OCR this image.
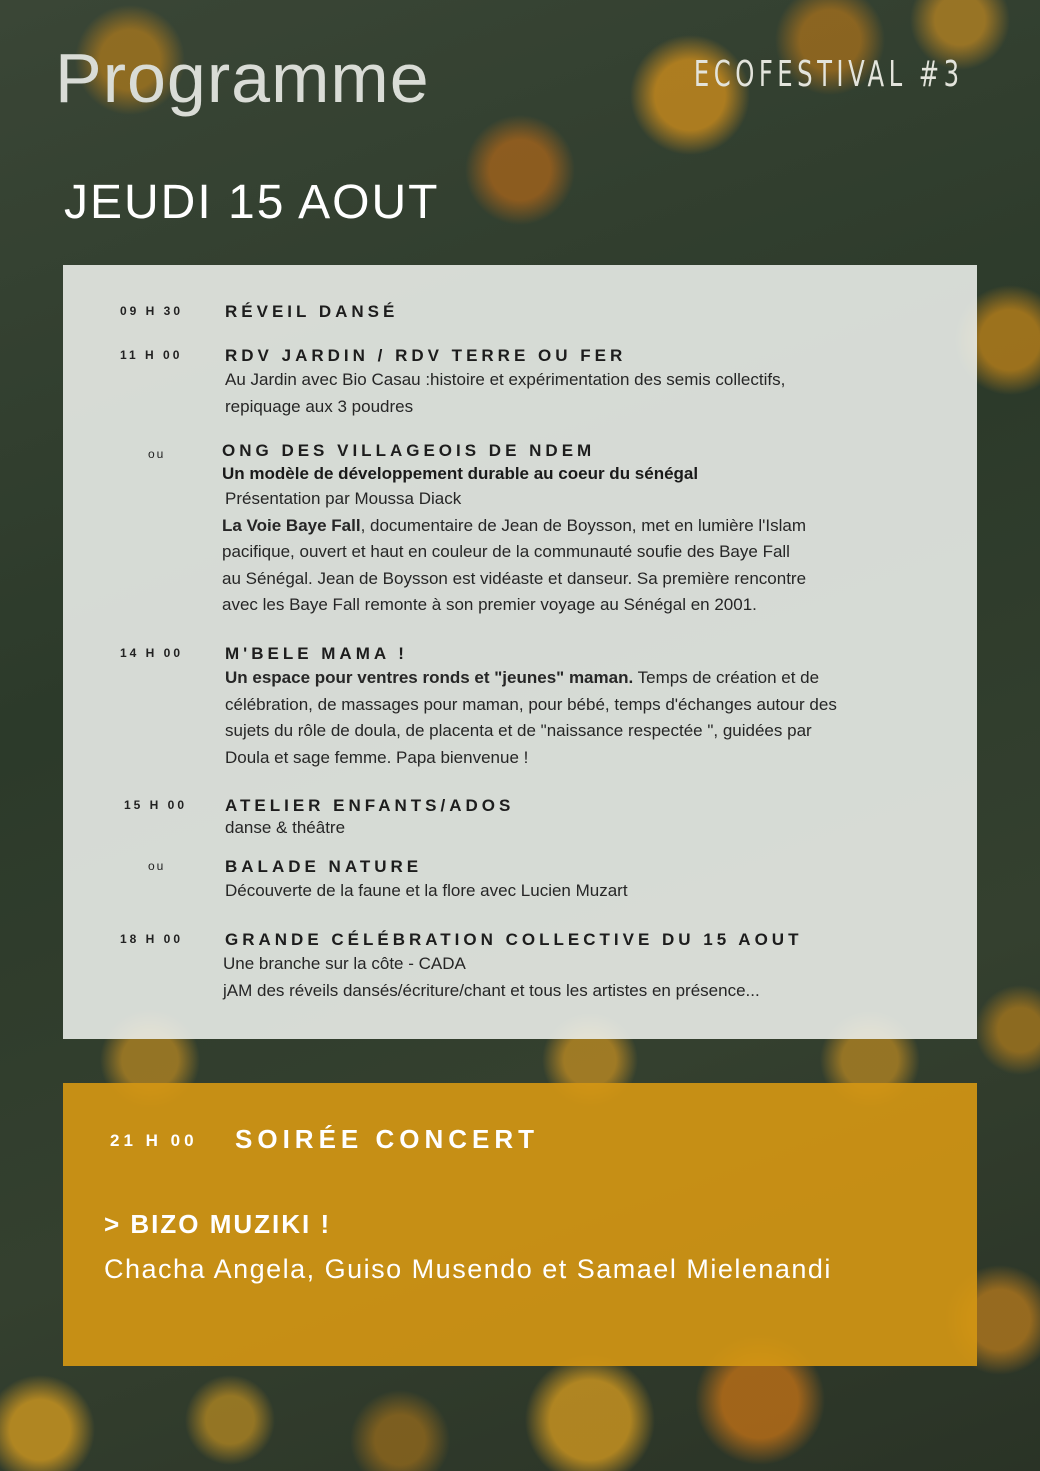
Programme	ECOFESTIVAL #3
JEUDI 15 AOUT
09 H 30	RÉVEIL DANSÉ
11 H 00	RDV JARDIN / RDV TERRE OU FER
Au Jardin avec Bio Casau :histoire et expérimentation des semis collectifs,
repiquage aux 3 poudres
ou	ONG DES VILLAGEOIS DE NDEM
Un modèle de développement durable au coeur du sénégal
Présentation par Moussa Diack
La Voie Baye Fall, documentaire de Jean de Boysson, met en lumière l'Islam
pacifique, ouvert et haut en couleur de la communauté soufie des Baye Fall
au Sénégal. Jean de Boysson est vidéaste et danseur. Sa première rencontre
avec les Baye Fall remonte à son premier voyage au Sénégal en 2001.
14 H 00	M'BELE MAMA !
Un espace pour ventres ronds et "jeunes" maman. Temps de création et de
célébration, de massages pour maman, pour bébé, temps d'échanges autour des
sujets du rôle de doula, de placenta et de "naissance respectée ", guidées par
Doula et sage femme. Papa bienvenue !
15 H 00	ATELIER ENFANTS/ADOS
danse & théâtre
ou	BALADE NATURE
Découverte de la faune et la flore avec Lucien Muzart
18 H 00	GRANDE CÉLÉBRATION COLLECTIVE DU 15 AOUT
Une branche sur la côte - CADA
jAM des réveils dansés/écriture/chant et tous les artistes en présence...
21 H 00 SOIRÉE CONCERT
> BIZO MUZIKI !
Chacha Angela, Guiso Musendo et Samael Mielenandi
